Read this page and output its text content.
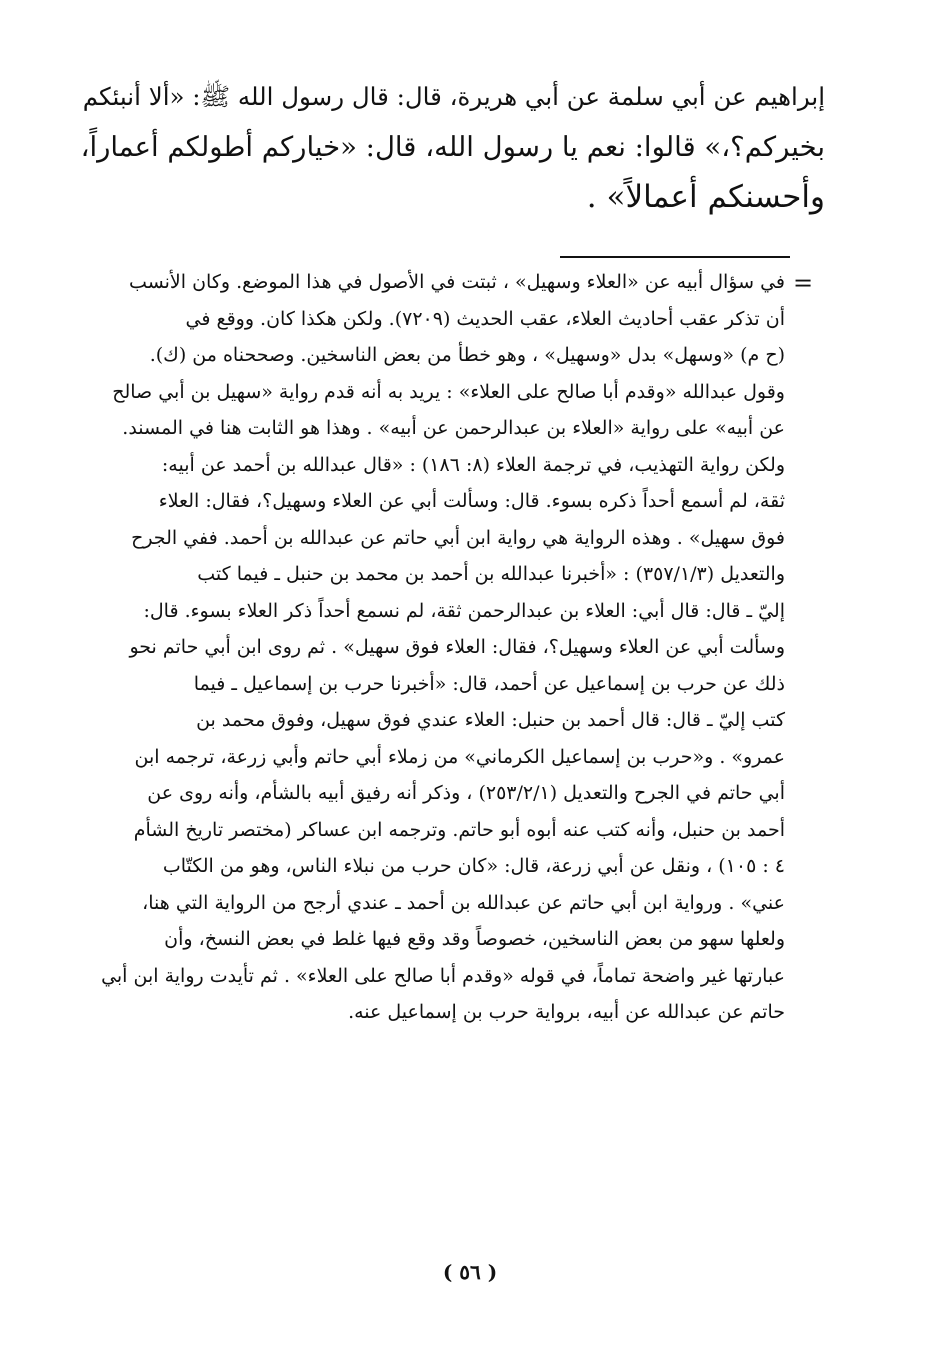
إبراهيم عن أبي سلمة عن أبي هريرة، قال: قال رسول الله ﷺ: «ألا أنبئكم

بخيركم؟،» قالوا: نعم يا رسول الله، قال: «خياركم أطولكم أعماراً،

وأحسنكم أعمالاً» .

=
في سؤال أبيه عن «العلاء وسهيل» ، ثبتت في الأصول في هذا الموضع. وكان الأنسب
أن تذكر عقب أحاديث العلاء، عقب الحديث (٧٢٠٩). ولكن هكذا كان. ووقع في
(ح م) «وسهل» بدل «وسهيل» ، وهو خطأ من بعض الناسخين. وصححناه من (ك).
وقول عبدالله «وقدم أبا صالح على العلاء» : يريد به أنه قدم رواية «سهيل بن أبي صالح
عن أبيه» على رواية «العلاء بن عبدالرحمن عن أبيه» . وهذا هو الثابت هنا في المسند.
ولكن رواية التهذيب، في ترجمة العلاء (٨: ١٨٦) : «قال عبدالله بن أحمد عن أبيه:
ثقة، لم أسمع أحداً ذكره بسوء. قال: وسألت أبي عن العلاء وسهيل؟، فقال: العلاء
فوق سهيل» . وهذه الرواية هي رواية ابن أبي حاتم عن عبدالله بن أحمد. ففي الجرح
والتعديل (٣٥٧/١/٣) : «أخبرنا عبدالله بن أحمد بن محمد بن حنبل ـ فيما كتب
إليّ ـ قال: قال أبي: العلاء بن عبدالرحمن ثقة، لم نسمع أحداً ذكر العلاء بسوء. قال:
وسألت أبي عن العلاء وسهيل؟، فقال: العلاء فوق سهيل» . ثم روى ابن أبي حاتم نحو
ذلك عن حرب بن إسماعيل عن أحمد، قال: «أخبرنا حرب بن إسماعيل ـ فيما
كتب إليّ ـ قال: قال أحمد بن حنبل: العلاء عندي فوق سهيل، وفوق محمد بن
عمرو» . و«حرب بن إسماعيل الكرماني» من زملاء أبي حاتم وأبي زرعة، ترجمه ابن
أبي حاتم في الجرح والتعديل (٢٥٣/٢/١) ، وذكر أنه رفيق أبيه بالشأم، وأنه روى عن
أحمد بن حنبل، وأنه كتب عنه أبوه أبو حاتم. وترجمه ابن عساكر (مختصر تاريخ الشأم
٤ : ١٠٥) ، ونقل عن أبي زرعة، قال: «كان حرب من نبلاء الناس، وهو من الكتّاب
عني» . ورواية ابن أبي حاتم عن عبدالله بن أحمد ـ عندي أرجح من الرواية التي هنا،
ولعلها سهو من بعض الناسخين، خصوصاً وقد وقع فيها غلط في بعض النسخ، وأن
عبارتها غير واضحة تماماً، في قوله «وقدم أبا صالح على العلاء» . ثم تأيدت رواية ابن أبي
حاتم عن عبدالله عن أبيه، برواية حرب بن إسماعيل عنه.
( ٥٦ )
